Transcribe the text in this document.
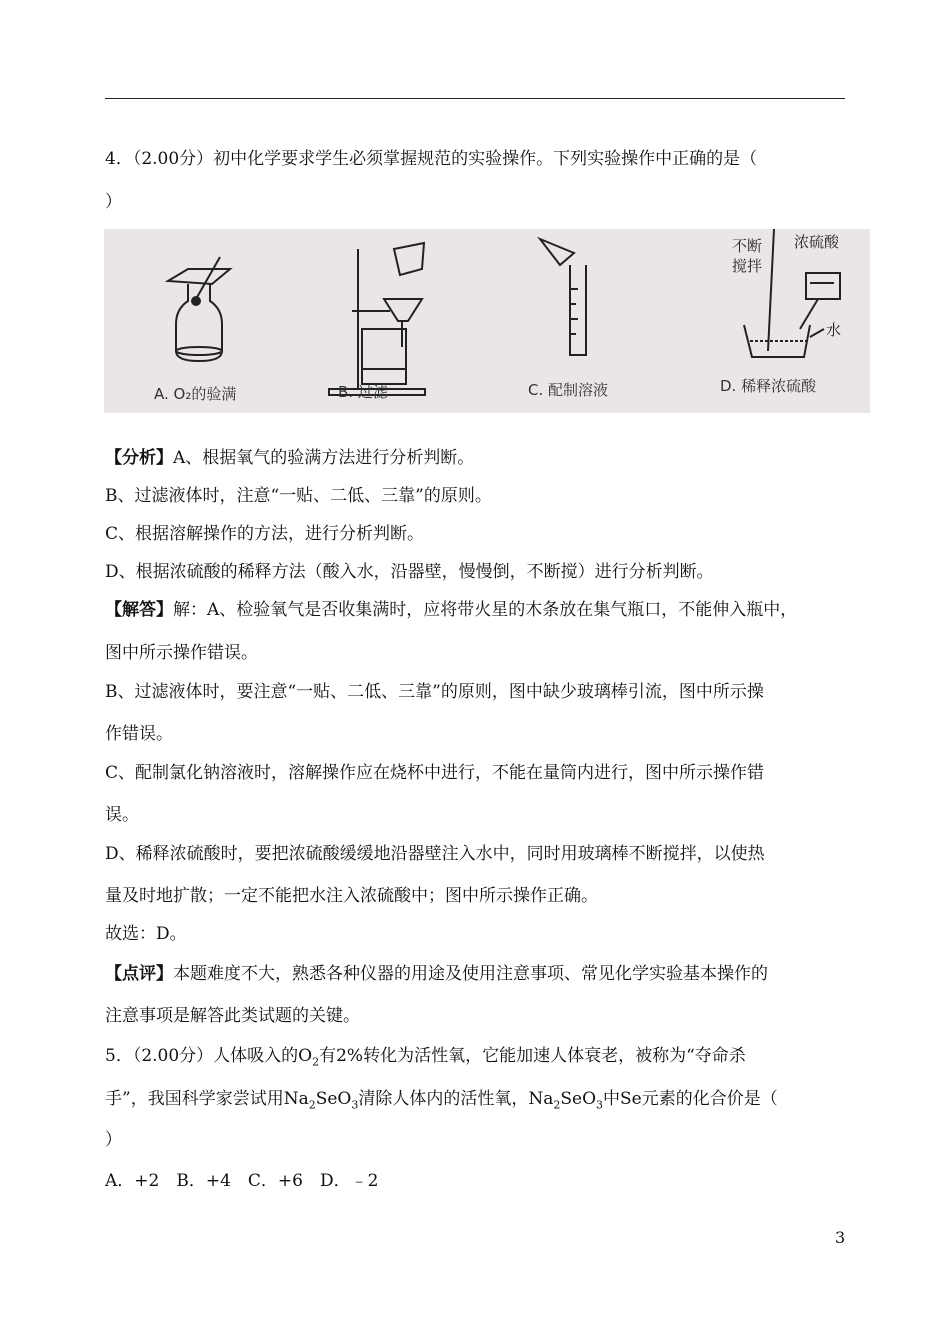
4．（2.00分）初中化学要求学生必须掌握规范的实验操作。下列实验操作中正确的是（
）
不断
搅拌
浓硫酸
水
A. O₂的验满	B. 过滤	C. 配制溶液	D. 稀释浓硫酸
【分析】A、根据氧气的验满方法进行分析判断。
B、过滤液体时，注意“一贴、二低、三靠”的原则。
C、根据溶解操作的方法，进行分析判断。
D、根据浓硫酸的稀释方法（酸入水，沿器壁，慢慢倒，不断搅）进行分析判断。
【解答】解：A、检验氧气是否收集满时，应将带火星的木条放在集气瓶口，不能伸入瓶中，
图中所示操作错误。
B、过滤液体时，要注意“一贴、二低、三靠”的原则，图中缺少玻璃棒引流，图中所示操
作错误。
C、配制氯化钠溶液时，溶解操作应在烧杯中进行，不能在量筒内进行，图中所示操作错
误。
D、稀释浓硫酸时，要把浓硫酸缓缓地沿器壁注入水中，同时用玻璃棒不断搅拌，以使热
量及时地扩散；一定不能把水注入浓硫酸中；图中所示操作正确。
故选：D。
【点评】本题难度不大，熟悉各种仪器的用途及使用注意事项、常见化学实验基本操作的
注意事项是解答此类试题的关键。
5．（2.00分）人体吸入的$O_2$有2%转化为活性氧，它能加速人体衰老，被称为“夺命杀
手”，我国科学家尝试用$Na_2SeO_3$清除人体内的活性氧，$Na_2SeO_3$中Se元素的化合价是（
）
A．+2　B．+4　C．+6　D．﹣2
3
